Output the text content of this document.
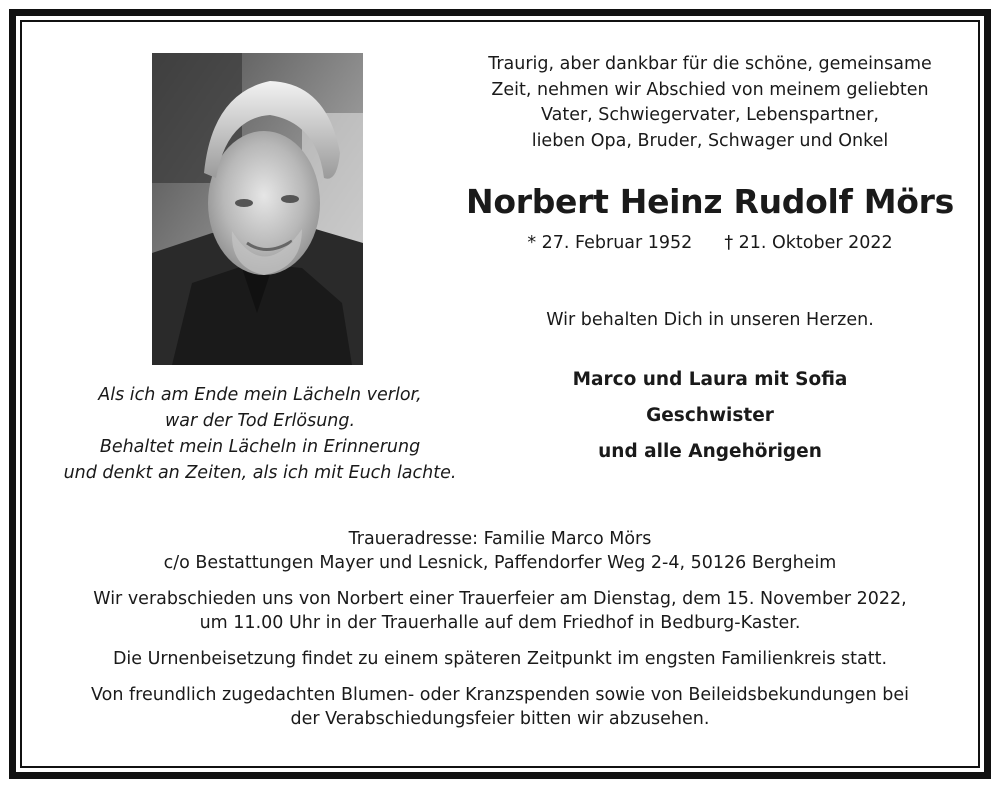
Als ich am Ende mein Lächeln verlor,
war der Tod Erlösung.
Behaltet mein Lächeln in Erinnerung
und denkt an Zeiten, als ich mit Euch lachte.
Traurig, aber dankbar für die schöne, gemeinsame
Zeit, nehmen wir Abschied von meinem geliebten
Vater, Schwiegervater, Lebenspartner,
lieben Opa, Bruder, Schwager und Onkel
Norbert Heinz Rudolf Mörs
* 27. Februar 1952 † 21. Oktober 2022
Wir behalten Dich in unseren Herzen.
Marco und Laura mit Sofia
Geschwister
und alle Angehörigen
Traueradresse: Familie Marco Mörs
c/o Bestattungen Mayer und Lesnick, Paffendorfer Weg 2-4, 50126 Bergheim
Wir verabschieden uns von Norbert einer Trauerfeier am Dienstag, dem 15. November 2022,
um 11.00 Uhr in der Trauerhalle auf dem Friedhof in Bedburg-Kaster.
Die Urnenbeisetzung findet zu einem späteren Zeitpunkt im engsten Familienkreis statt.
Von freundlich zugedachten Blumen- oder Kranzspenden sowie von Beileidsbekundungen bei
der Verabschiedungsfeier bitten wir abzusehen.
